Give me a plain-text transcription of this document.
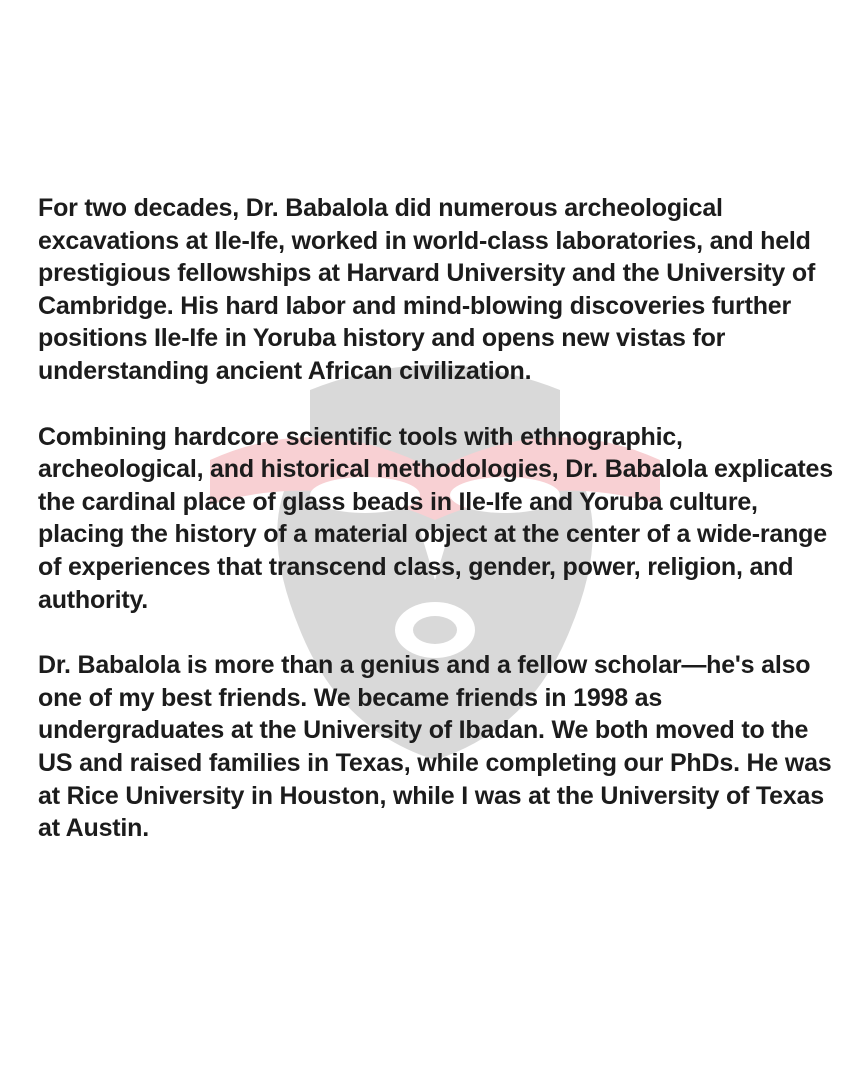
For two decades, Dr. Babalola did numerous archeological excavations at Ile-Ife, worked in world-class laboratories, and held prestigious fellowships at Harvard University and the University of Cambridge. His hard labor and mind-blowing discoveries further positions Ile-Ife in Yoruba history and opens new vistas for understanding ancient African civilization.

Combining hardcore scientific tools with ethnographic, archeological, and historical methodologies, Dr. Babalola explicates the cardinal place of glass beads in Ile-Ife and Yoruba culture, placing the history of a material object at the center of a wide-range of experiences that transcend class, gender, power, religion, and authority.

Dr. Babalola is more than a genius and a fellow scholar—he's also one of my best friends. We became friends in 1998 as undergraduates at the University of Ibadan. We both moved to the US and raised families in Texas, while completing our PhDs. He was at Rice University in Houston, while I was at the University of Texas at Austin.
